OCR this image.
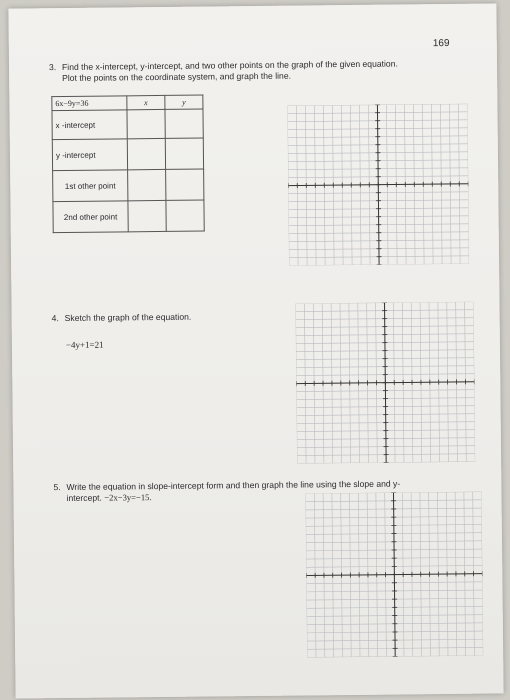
169
3. Find the x-intercept, y-intercept, and two other points on the graph of the given equation.
Plot the points on the coordinate system, and graph the line.
6x−9y=36	x	y
x -intercept		
y -intercept		
1st other point		
2nd other point		
4. Sketch the graph of the equation.
−4y+1=21
5. Write the equation in slope-intercept form and then graph the line using the slope and y-
intercept. −2x−3y=−15.
